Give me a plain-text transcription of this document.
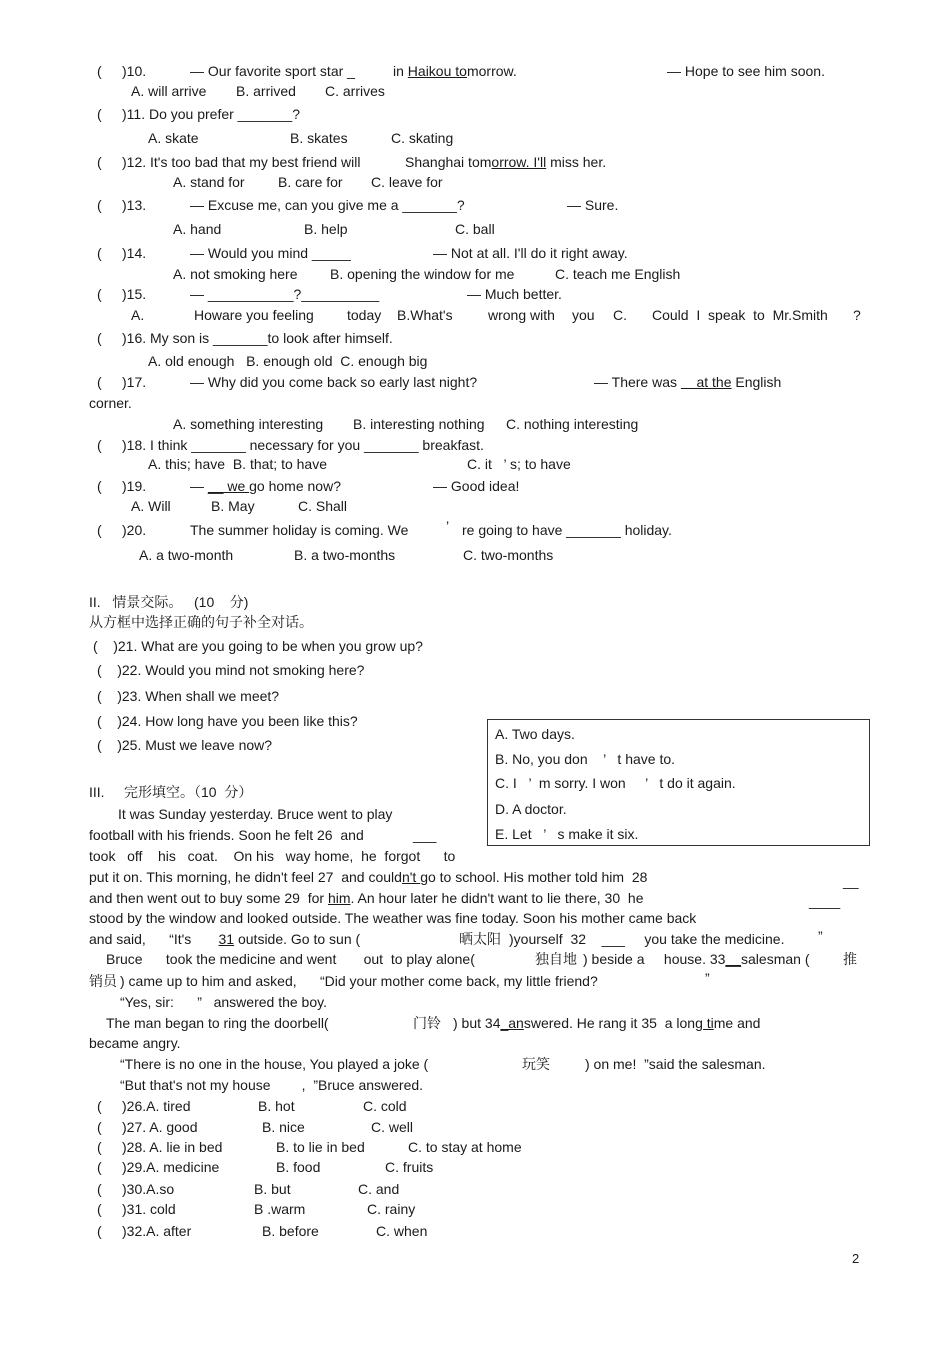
( )10.	— Our favorite sport star _	in Haikou tomorrow.	— Hope to see him soon.
A. will arrive B. arrived C. arrives
( )11. Do you prefer _______?
A. skate	B. skates	C. skating
( )12. It's too bad that my best friend will	Shanghai tomorrow. I'll miss her.
A. stand for B. care for C. leave for
( )13.	— Excuse me, can you give me a _______?	— Sure.
A. hand	B. help	C. ball
( )14.	— Would you mind _____	— Not at all. I'll do it right away.
A. not smoking here B. opening the window for me	C. teach me English
( )15.	— ___________?__________	— Much better.
A.	Howare you feeling today B.What's	wrong with you C. Could  I  speak  to  Mr.Smith ?
( )16. My son is _______to look after himself.
A. old enough   B. enough old  C. enough big
( )17.	— Why did you come back so early last night?	— There was     at the English
corner.
A. something interesting B. interesting nothing C. nothing interesting
( )18. I think _______ necessary for you _______ breakfast.
A. this; have  B. that; to have	C. it   ’ s; to have
( )19.	— __ we go home now?	— Good idea!
A. Will	B. May	C. Shall
( )20.	The summer holiday is coming. We	’ re going to have _______ holiday.
A. a two-month	B. a two-months	C. two-months
II.   情景交际。   (10    分)
从方框中选择正确的句子补全对话。
(    )21. What are you going to be when you grow up?
(    )22. Would you mind not smoking here?
(    )23. When shall we meet?
(    )24. How long have you been like this?
(    )25. Must we leave now?
A. Two days.
B. No, you don    ’   t have to.
C. I   ’  m sorry. I won     ’   t do it again.
D. A doctor.
E. Let   ’   s make it six.
III.     完形填空。（10  分）
It was Sunday yesterday. Bruce went to play
football with his friends. Soon he felt 26  and	___
took   off    his   coat.    On his   way home,  he  forgot      to
put it on. This morning, he didn't feel 27  and couldn't go to school. His mother told him  28	__
and then went out to buy some 29  for him. An hour later he didn't want to lie there, 30  he	____
stood by the window and looked outside. The weather was fine today. Soon his mother came back
and said,      “It's 31 outside. Go to sun (	晒太阳 )yourself  32    ___     you take the medicine. ”
Bruce      took the medicine and went       out  to play alone(	独自地 ) beside a     house. 33__salesman ( 推
销员 ) came up to him and asked,      “Did your mother come back, my little friend?	”
“Yes, sir:      ”   answered the boy.
The man began to ring the doorbell(	门铃 ) but 34_answered. He rang it 35  a long time and
became angry.
“There is no one in the house, You played a joke (	玩笑	) on me!  ”said the salesman.
“But that's not my house        ,  ”Bruce answered.
( )26.A. tired	B. hot	C. cold
( )27. A. good	B. nice	C. well
( )28. A. lie in bed	B. to lie in bed	C. to stay at home
( )29.A. medicine	B. food	C. fruits
( )30.A.so	B. but	C. and
( )31. cold	B .warm	C. rainy
( )32.A. after	B. before	C. when
2
